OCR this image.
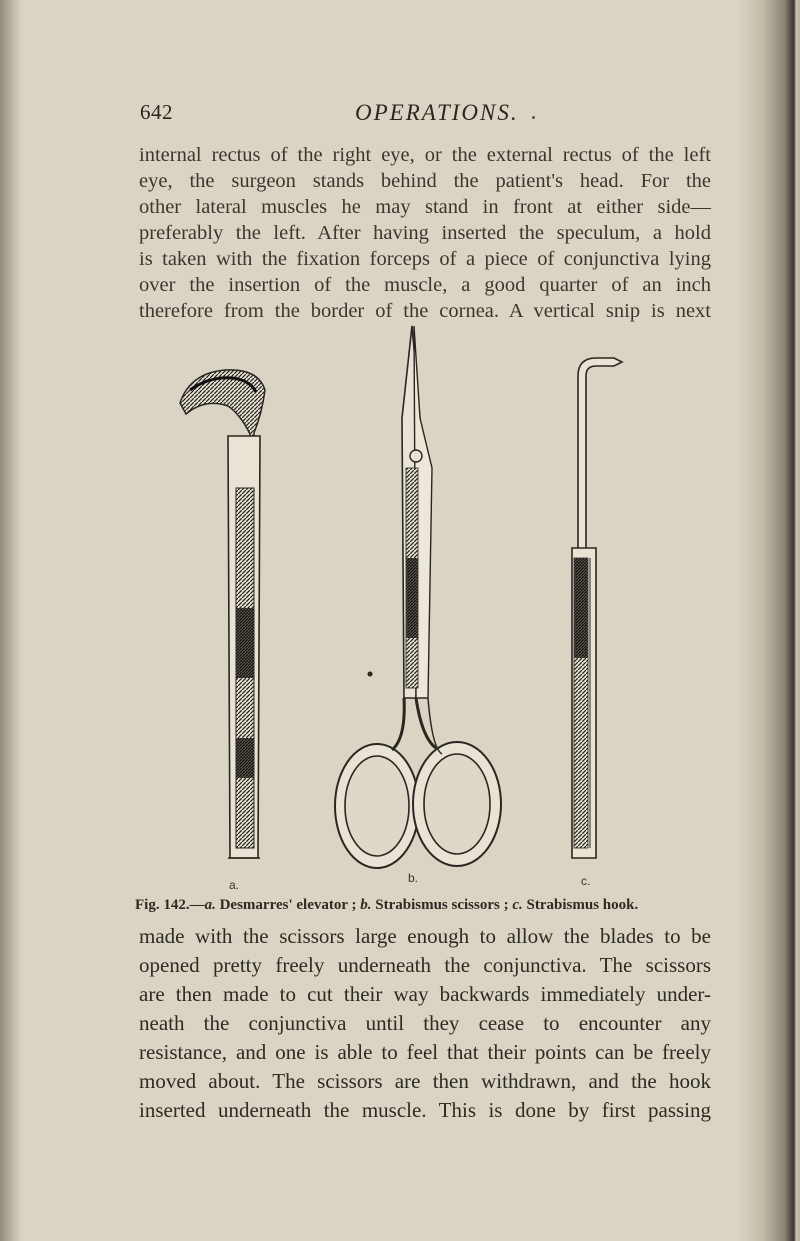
642	OPERATIONS.
internal rectus of the right eye, or the external rectus of the left
eye, the surgeon stands behind the patient's head. For the
other lateral muscles he may stand in front at either side—
preferably the left. After having inserted the speculum, a hold
is taken with the fixation forceps of a piece of conjunctiva lying
over the insertion of the muscle, a good quarter of an inch
therefore from the border of the cornea. A vertical snip is next
a.	b.	c.

Fig. 142.—a. Desmarres' elevator ; b. Strabismus scissors ; c. Strabismus hook.

made with the scissors large enough to allow the blades to be
opened pretty freely underneath the conjunctiva. The scissors
are then made to cut their way backwards immediately under-
neath the conjunctiva until they cease to encounter any
resistance, and one is able to feel that their points can be freely
moved about. The scissors are then withdrawn, and the hook
inserted underneath the muscle. This is done by first passing
